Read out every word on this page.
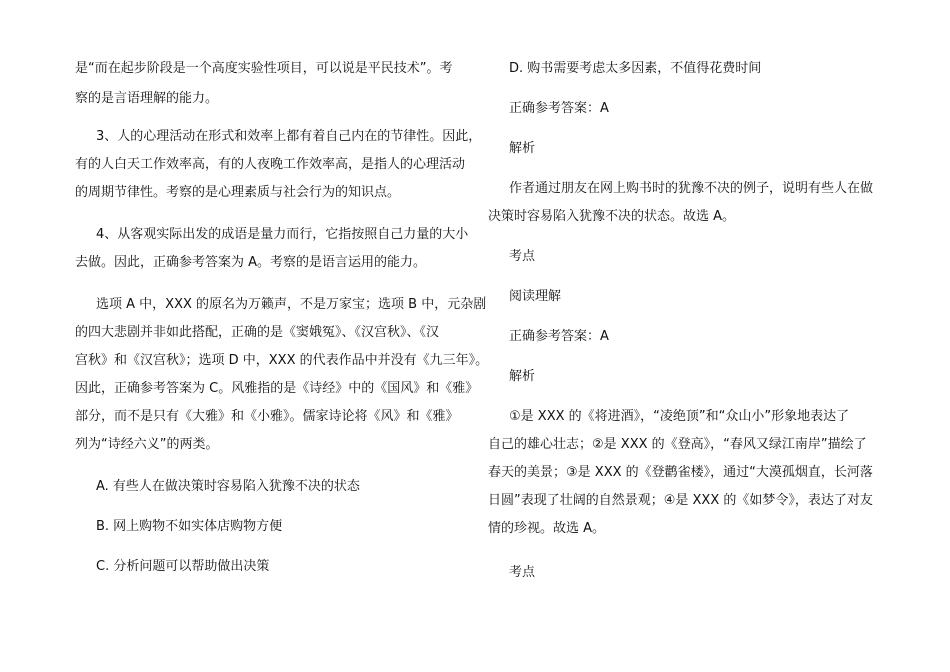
是“而在起步阶段是一个高度实验性项目，可以说是平民技术”。考
察的是言语理解的能力。
3、人的心理活动在形式和效率上都有着自己内在的节律性。因此，
有的人白天工作效率高，有的人夜晚工作效率高，是指人的心理活动
的周期节律性。考察的是心理素质与社会行为的知识点。
4、从客观实际出发的成语是量力而行，它指按照自己力量的大小
去做。因此，正确参考答案为 A。考察的是语言运用的能力。
选项 A 中，XXX 的原名为万籁声，不是万家宝；选项 B 中，元杂剧
的四大悲剧并非如此搭配，正确的是《窦娥冤》、《汉宫秋》、《汉
宫秋》和《汉宫秋》；选项 D 中，XXX 的代表作品中并没有《九三年》。
因此，正确参考答案为 C。风雅指的是《诗经》中的《国风》和《雅》
部分，而不是只有《大雅》和《小雅》。儒家诗论将《风》和《雅》
列为“诗经六义”的两类。
A. 有些人在做决策时容易陷入犹豫不决的状态
B. 网上购物不如实体店购物方便
C. 分析问题可以帮助做出决策
D. 购书需要考虑太多因素，不值得花费时间
正确参考答案：A
解析
作者通过朋友在网上购书时的犹豫不决的例子，说明有些人在做
决策时容易陷入犹豫不决的状态。故选 A。
考点
阅读理解
正确参考答案：A
解析
①是 XXX 的《将进酒》，“凌绝顶”和“众山小”形象地表达了
自己的雄心壮志；②是 XXX 的《登高》，“春风又绿江南岸”描绘了
春天的美景；③是 XXX 的《登鹳雀楼》，通过“大漠孤烟直，长河落
日圆”表现了壮阔的自然景观；④是 XXX 的《如梦令》，表达了对友
情的珍视。故选 A。
考点
